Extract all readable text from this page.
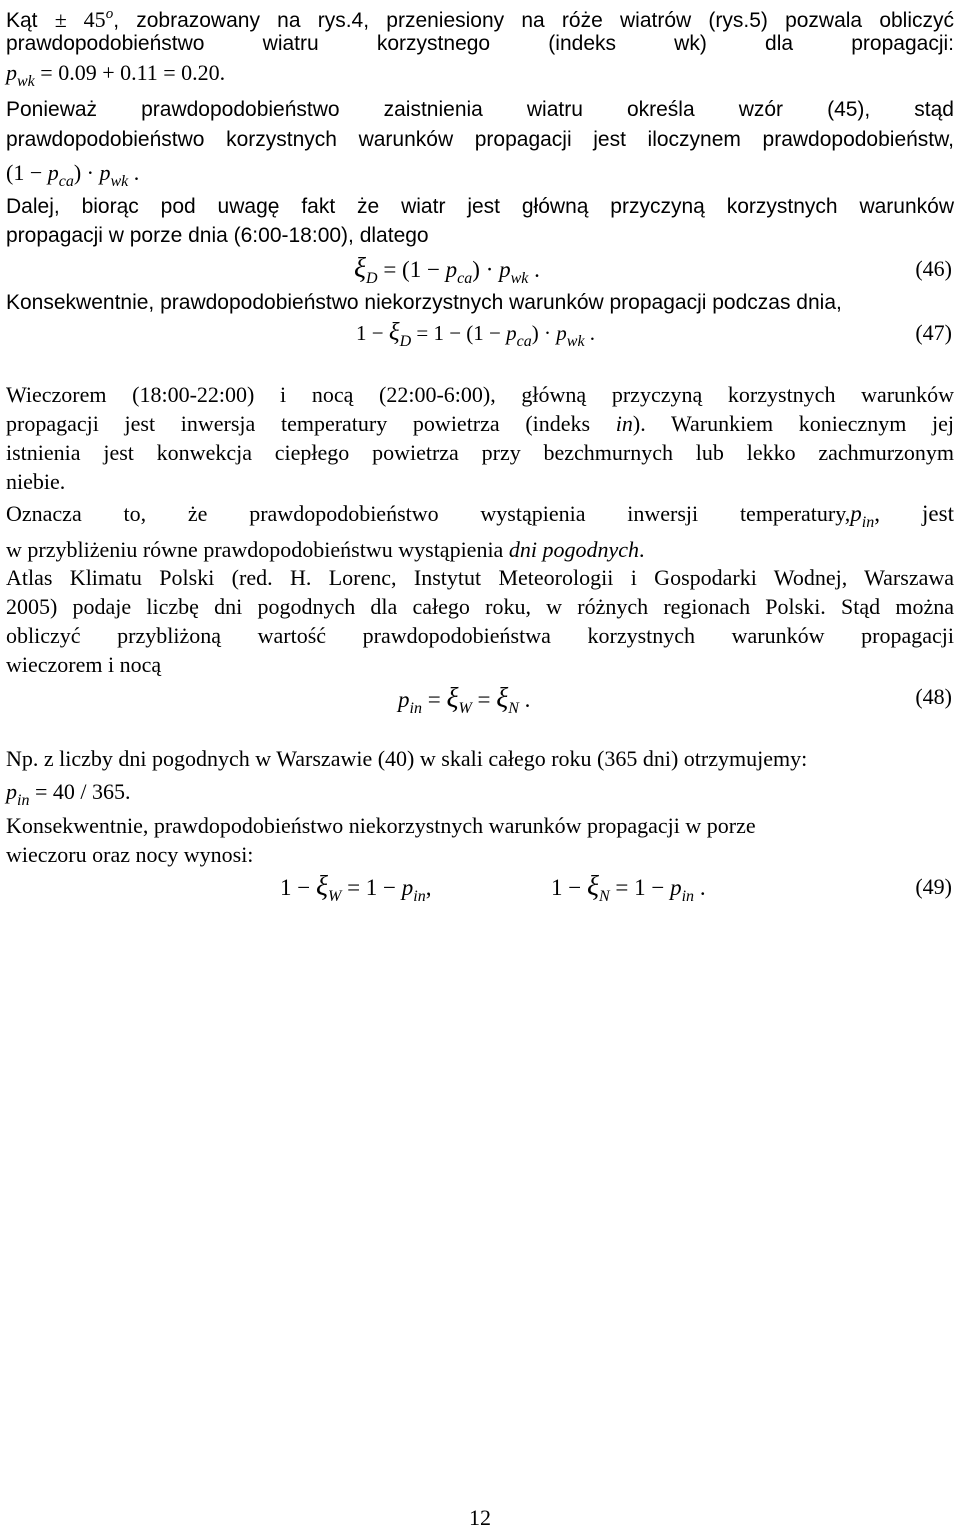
Kąt ± $45^o$, zobrazowany na rys.4, przeniesiony na róże wiatrów (rys.5) pozwala obliczyć
prawdopodobieństwo wiatru korzystnego (indeks wk) dla propagacji:
$p_{wk} = 0.09 + 0.11 = 0.20$.
Ponieważ prawdopodobieństwo zaistnienia wiatru określa wzór (45), stąd
prawdopodobieństwo korzystnych warunków propagacji jest iloczynem prawdopodobieństw,
$(1 - p_{ca}) \cdot p_{wk}$ .
Dalej, biorąc pod uwagę fakt że wiatr jest główną przyczyną korzystnych warunków
propagacji w porze dnia (6:00-18:00), dlatego
$\xi_D = (1 - p_{ca}) \cdot p_{wk}$ .	(46)
Konsekwentnie, prawdopodobieństwo niekorzystnych warunków propagacji podczas dnia,
$1 - \xi_D = 1 - (1 - p_{ca}) \cdot p_{wk}$ .	(47)
Wieczorem (18:00-22:00) i nocą (22:00-6:00), główną przyczyną korzystnych warunków
propagacji jest inwersja temperatury powietrza (indeks in). Warunkiem koniecznym jej
istnienia jest konwekcja ciepłego powietrza przy bezchmurnych lub lekko zachmurzonym
niebie.
Oznacza to, że prawdopodobieństwo wystąpienia inwersji $temperatury,p_{in}$, jest
w przybliżeniu równe prawdopodobieństwu wystąpienia dni pogodnych.
Atlas Klimatu Polski (red. H. Lorenc, Instytut Meteorologii i Gospodarki Wodnej, Warszawa
2005) podaje liczbę dni pogodnych dla całego roku, w różnych regionach Polski. Stąd można
obliczyć przybliżoną wartość prawdopodobieństwa korzystnych warunków propagacji
wieczorem i nocą
$p_{in} = \xi_W = \xi_N$ .	(48)
Np. z liczby dni pogodnych w Warszawie (40) w skali całego roku (365 dni) otrzymujemy:
$p_{in} = 40 / 365$.
Konsekwentnie, prawdopodobieństwo niekorzystnych warunków propagacji w porze
wieczoru oraz nocy wynosi:
$1 - \xi_W = 1 - p_{in}$,	$1 - \xi_N = 1 - p_{in}$ .	(49)
12
